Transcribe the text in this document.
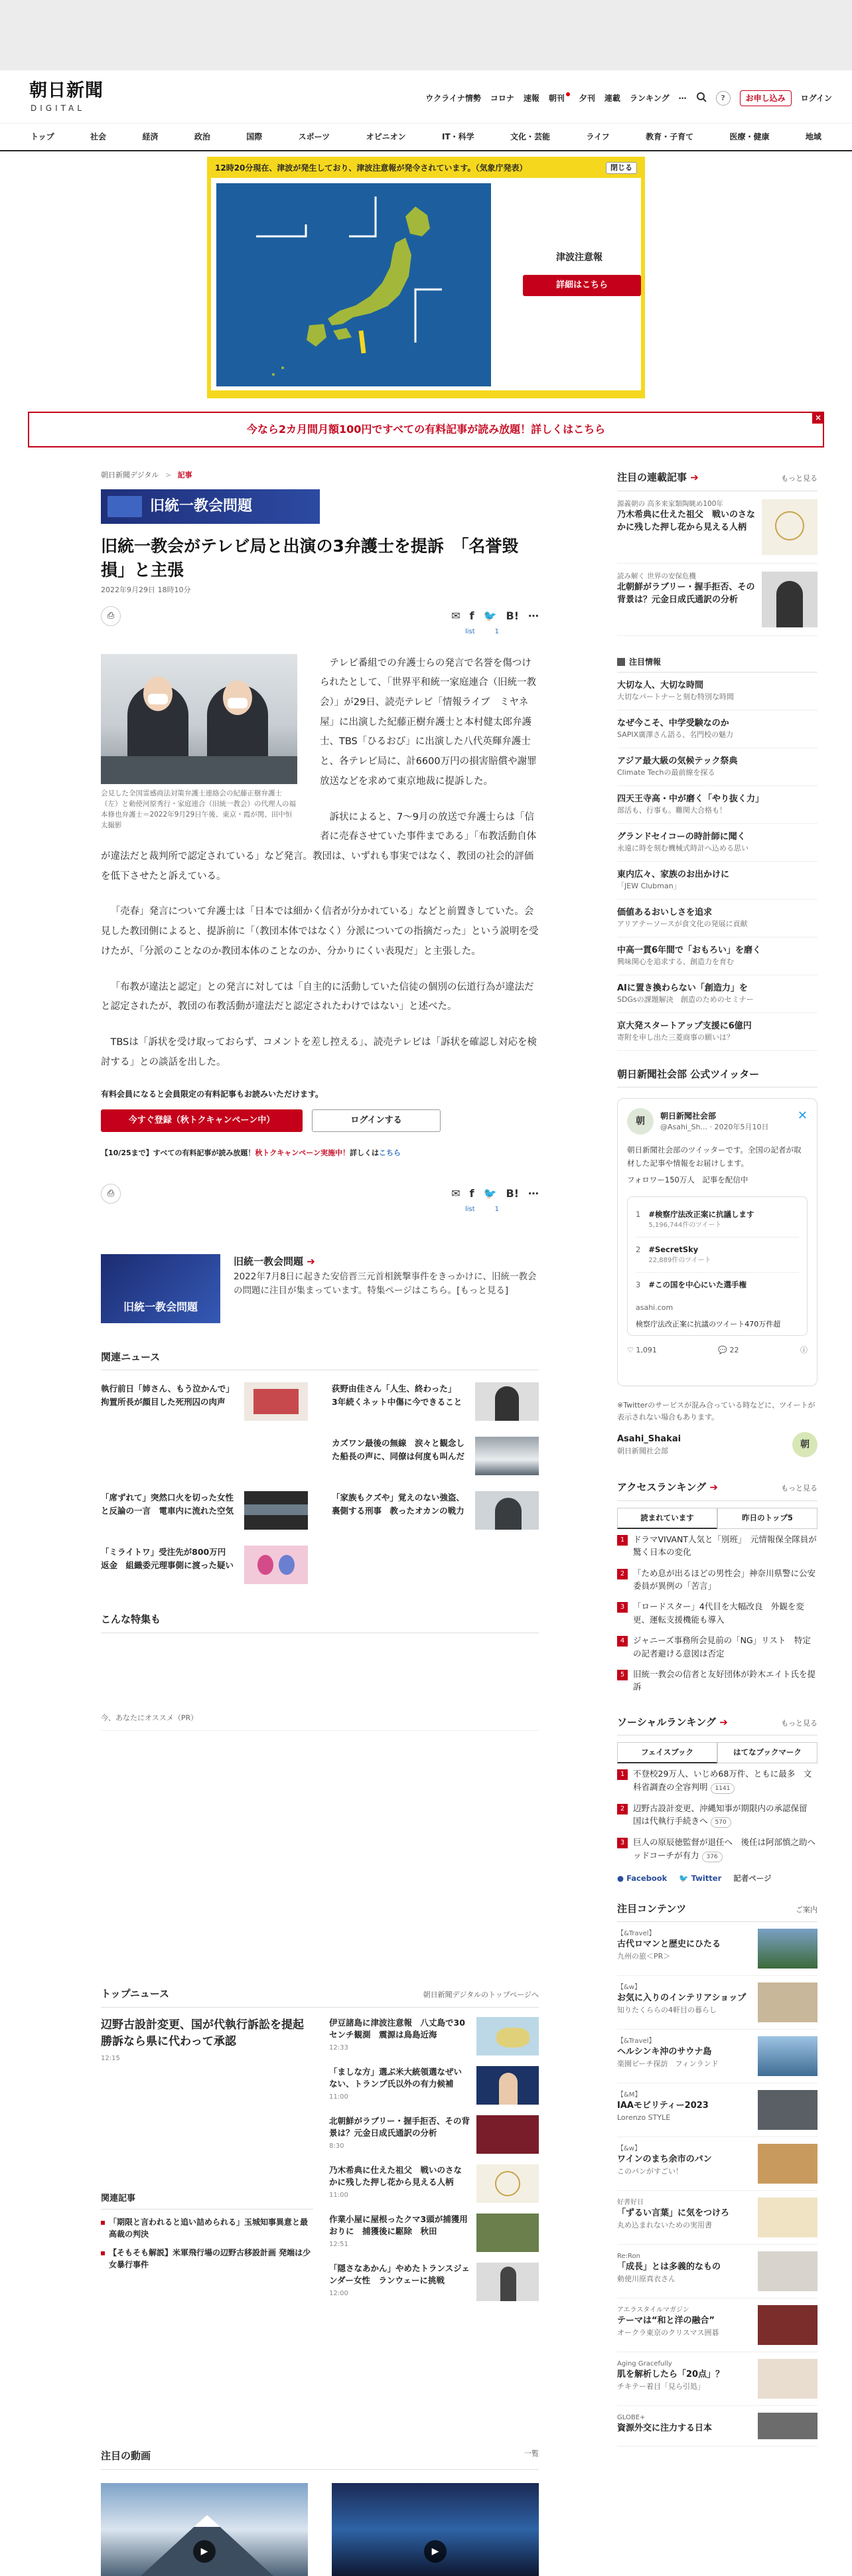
朝日新聞
DIGITAL
ウクライナ情勢 コロナ 速報 朝刊	夕刊 連載 ランキング ⋯	?	お申し込み	ログイン
トップ	社会	経済	政治	国際	スポーツ	オピニオン	IT・科学	文化・芸能	ライフ	教育・子育て	医療・健康	地域
12時20分現在、津波が発生しており、津波注意報が発令されています。（気象庁発表）	閉じる
津波注意報
詳細はこちら
今なら2カ月間月額100円ですべての有料記事が読み放題！詳しくはこちら
×
朝日新聞デジタル > 記事
旧統一教会問題
旧統一教会がテレビ局と出演の3弁護士を提訴　「名誉毀損」と主張
2022年9月29日 18時10分
⎙	✉ f 🐦 B! ⋯
list	1
会見した全国霊感商法対策弁護士連絡会の紀藤正樹弁護士（左）と勅使河原秀行・家庭連合（旧統一教会）の代理人の福本修也弁護士＝2022年9月29日午後、東京・霞が関、田中恒太撮影

テレビ番組での弁護士らの発言で名誉を傷つけられたとして、「世界平和統一家庭連合（旧統一教会）」が29日、読売テレビ「情報ライブ　ミヤネ屋」に出演した紀藤正樹弁護士と本村健太郎弁護士、TBS「ひるおび」に出演した八代英輝弁護士と、各テレビ局に、計6600万円の損害賠償や謝罪放送などを求めて東京地裁に提訴した。

訴状によると、7〜9月の放送で弁護士らは「信者に売春させていた事件まである」「布教活動自体が違法だと裁判所で認定されている」など発言。教団は、いずれも事実ではなく、教団の社会的評価を低下させたと訴えている。

「売春」発言について弁護士は「日本では細かく信者が分かれている」などと前置きしていた。会見した教団側によると、提訴前に「（教団本体ではなく）分派についての指摘だった」という説明を受けたが、「分派のことなのか教団本体のことなのか、分かりにくい表現だ」と主張した。

「布教が違法と認定」との発言に対しては「自主的に活動していた信徒の個別の伝道行為が違法だと認定されたが、教団の布教活動が違法だと認定されたわけではない」と述べた。

TBSは「訴状を受け取っておらず、コメントを差し控える」、読売テレビは「訴状を確認し対応を検討する」との談話を出した。

有料会員になると会員限定の有料記事もお読みいただけます。
今すぐ登録（秋トクキャンペーン中）	ログインする
【10/25まで】すべての有料記事が読み放題！秋トクキャンペーン実施中！詳しくはこちら
⎙	✉ f 🐦 B! ⋯
list	1
旧統一教会問題
旧統一教会問題 ➔
2022年7月8日に起きた安倍晋三元首相銃撃事件をきっかけに、旧統一教会の問題に注目が集まっています。特集ページはこちら。[もっと見る]
関連ニュース
執行前日「姉さん、もう泣かんで」　拘置所長が顔目した死刑囚の肉声
荻野由佳さん「人生、終わった」　3年続くネット中傷に今できること
カズワン最後の無線　涙々と観念した船長の声に、同僚は何度も叫んだ
「席ずれて」突然口火を切った女性と反論の一言　電車内に流れた空気
「家族もクズや」覚えのない強盗、裏側する刑事　教ったオカンの戦力
「ミライトワ」受注先が800万円返金　組織委元理事側に渡った疑い
こんな特集も
今、あなたにオススメ（PR）
注目の連載記事 ➔	もっと見る
源義朝の 高多来家類陶眺め100年
乃木希典に仕えた祖父　戦いのさなかに残した押し花から見える人柄
読み解く 世界の安保危機
北朝鮮がラブリー・握手拒否、その背景は？元金日成氏通訳の分析
注目情報
大切な人、大切な時間
大切なパートナーと刻む特別な時間
なぜ今こそ、中学受験なのか
SAPIX廣澤さん語る、名門校の魅力
アジア最大級の気候テック祭典
Climate Techの最前線を探る
四天王寺高・中が磨く「やり抜く力」
部活も、行事も。難関大合格も！
グランドセイコーの時計師に聞く
永遠に時を刻む機械式時計へ込める思い
東内広々、家族のお出かけに
「JEW Clubman」
価値あるおいしさを追求
アリアテーソースが食文化の発展に貢献
中高一貫6年間で「おもろい」を磨く
興味関心を追求する、創造力を育む
AIに置き換わらない「創造力」を
SDGsの課題解決　創造のためのセミナー
京大発スタートアップ支援に6億円
寄附を申し出た三菱商事の願いは？
朝日新聞社会部 公式ツイッター
朝	朝日新聞社会部
@Asahi_Sh... · 2020年5月10日
✕
朝日新聞社会部のツイッターです。全国の記者が取材した記事や情報をお届けします。
フォロワー150万人　記事を配信中
1 #検察庁法改正案に抗議します
5,196,744件のツイート
2 #SecretSky
22,889件のツイート
3 #この国を中心にいた選手権
asahi.com
検察庁法改正案に抗議のツイート470万件超
♡ 1,091	💬 22	ⓘ
※Twitterのサービスが混み合っている時などに、ツイートが表示されない場合もあります。
Asahi_Shakai
朝日新聞社会部
朝
アクセスランキング ➔	もっと見る
読まれています	昨日のトップ5
1	ドラマVIVANT人気と「別班」　元情報保全隊員が驚く日本の変化
2	「ため息が出るほどの男性会」神奈川県警に公安委員が異例の「苦言」
3	「ロードスター」4代目を大幅改良　外観を変更、運転支援機能も導入
4	ジャニーズ事務所会見前の「NG」リスト　特定の記者避ける意図は否定
5	旧統一教会の信者と友好団体が鈴木エイト氏を提訴
ソーシャルランキング ➔	もっと見る
フェイスブック	はてなブックマーク
1	不登校29万人、いじめ68万件、ともに最多　文科省調査の全容判明 1141
2	辺野古設計変更、沖縄知事が期限内の承認保留　国は代執行手続きへ 570
3	巨人の原辰徳監督が退任へ　後任は阿部慎之助ヘッドコーチが有力 376
● Facebook 🐦 Twitter 記者ページ
注目コンテンツ	ご案内
【&Travel】
古代ロマンと歴史にひたる
九州の旅＜PR＞
【&w】
お気に入りのインテリアショップ
知りたくららの4軒目の暮らし
【&Travel】
ヘルシンキ沖のサウナ島
楽園ピーチ探訪　フィンランド
【&M】
IAAモビリティー2023
Lorenzo STYLE
【&w】
ワインのまち余市のパン
このパンがすごい！
好書好日
「ずるい言葉」に気をつけろ
丸め込まれないための実用書
Re:Ron
「成長」とは多義的なもの
勅使川原真衣さん
アエラスタイルマガジン
テーマは“和と洋の融合”
オークラ東京のクリスマス囲碁
Aging Gracefully
肌を解析したら「20点」？
チキテー着目「見ら引処」
GLOBE+
資源外交に注力する日本
トップニュース	朝日新聞デジタルのトップページへ
辺野古設計変更、国が代執行訴訟を提起　勝訴なら県に代わって承認
12:15
関連記事
「期限と言われると追い詰められる」玉城知事異意と最高裁の判決
【そもそも解説】米軍飛行場の辺野古移設計画 発端は少女暴行事件
伊豆諸島に津波注意報　八丈島で30センチ観測　震源は鳥島近海
12:33
「ましな方」選ぶ米大統領選なぜいない、トランプ氏以外の有力候補
11:00
北朝鮮がラブリー・握手拒否、その背景は？元金日成氏通訳の分析
8:30
乃木希典に仕えた祖父　戦いのさなかに残した押し花から見える人柄
11:00
作業小屋に屋根ったクマ3頭が捕獲用おりに　捕獲後に駆除　秋田
12:51
「隠さなあかん」やめたトランスジェンダー女性　ランウェーに挑戦
12:00
注目の動画	一覧
▶	▶
